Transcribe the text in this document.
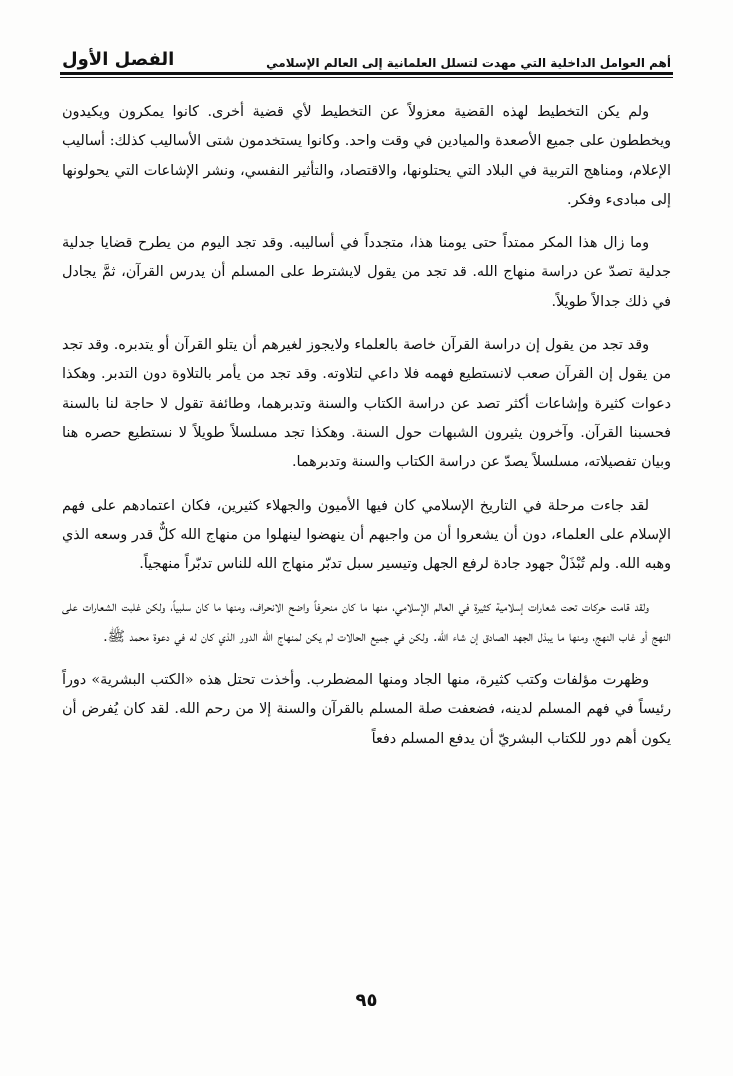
الفصل الأول	أهم العوامل الداخلية التي مهدت لتسلل العلمانية إلى العالم الإسلامي

ولم يكن التخطيط لهذه القضية معزولاً عن التخطيط لأي قضية أخرى. كانوا يمكرون ويكيدون ويخططون على جميع الأصعدة والميادين في وقت واحد. وكانوا يستخدمون شتى الأساليب كذلك: أساليب الإعلام، ومناهج التربية في البلاد التي يحتلونها، والاقتصاد، والتأثير النفسي، ونشر الإشاعات التي يحولونها إلى مبادىء وفكر.

وما زال هذا المكر ممتداً حتى يومنا هذا، متجدداً في أساليبه. وقد تجد اليوم من يطرح قضايا جدلية جدلية تصدّ عن دراسة منهاج الله. قد تجد من يقول لايشترط على المسلم أن يدرس القرآن، ثمَّ يجادل في ذلك جدالاً طويلاً.

وقد تجد من يقول إن دراسة القرآن خاصة بالعلماء ولايجوز لغيرهم أن يتلو القرآن أو يتدبره. وقد تجد من يقول إن القرآن صعب لانستطيع فهمه فلا داعي لتلاوته. وقد تجد من يأمر بالتلاوة دون التدبر. وهكذا دعوات كثيرة وإشاعات أكثر تصد عن دراسة الكتاب والسنة وتدبرهما، وطائفة تقول لا حاجة لنا بالسنة فحسبنا القرآن. وآخرون يثيرون الشبهات حول السنة. وهكذا تجد مسلسلاً طويلاً لا نستطيع حصره هنا وبيان تفصيلاته، مسلسلاً يصدّ عن دراسة الكتاب والسنة وتدبرهما.

لقد جاءت مرحلة في التاريخ الإسلامي كان فيها الأميون والجهلاء كثيرين، فكان اعتمادهم على فهم الإسلام على العلماء، دون أن يشعروا أن من واجبهم أن ينهضوا لينهلوا من منهاج الله كلٌّ قدر وسعه الذي وهبه الله. ولم تُبْذَلْ جهود جادة لرفع الجهل وتيسير سبل تدبّر منهاج الله للناس تدبّراً منهجياً.

ولقد قامت حركات تحت شعارات إسلامية كثيرة في العالم الإسلامي، منها ما كان منحرفاً واضح الانحراف، ومنها ما كان سلبياً، ولكن غلبت الشعارات على النهج أو غاب النهج، ومنها ما يبذل الجهد الصادق إن شاء الله. ولكن في جميع الحالات لم يكن لمنهاج الله الدور الذي كان له في دعوة محمد ﷺ.

وظهرت مؤلفات وكتب كثيرة، منها الجاد ومنها المضطرب. وأخذت تحتل هذه «الكتب البشرية» دوراً رئيساً في فهم المسلم لدينه، فضعفت صلة المسلم بالقرآن والسنة إلا من رحم الله. لقد كان يُفرض أن يكون أهم دور للكتاب البشريّ أن يدفع المسلم دفعاً

٩٥
